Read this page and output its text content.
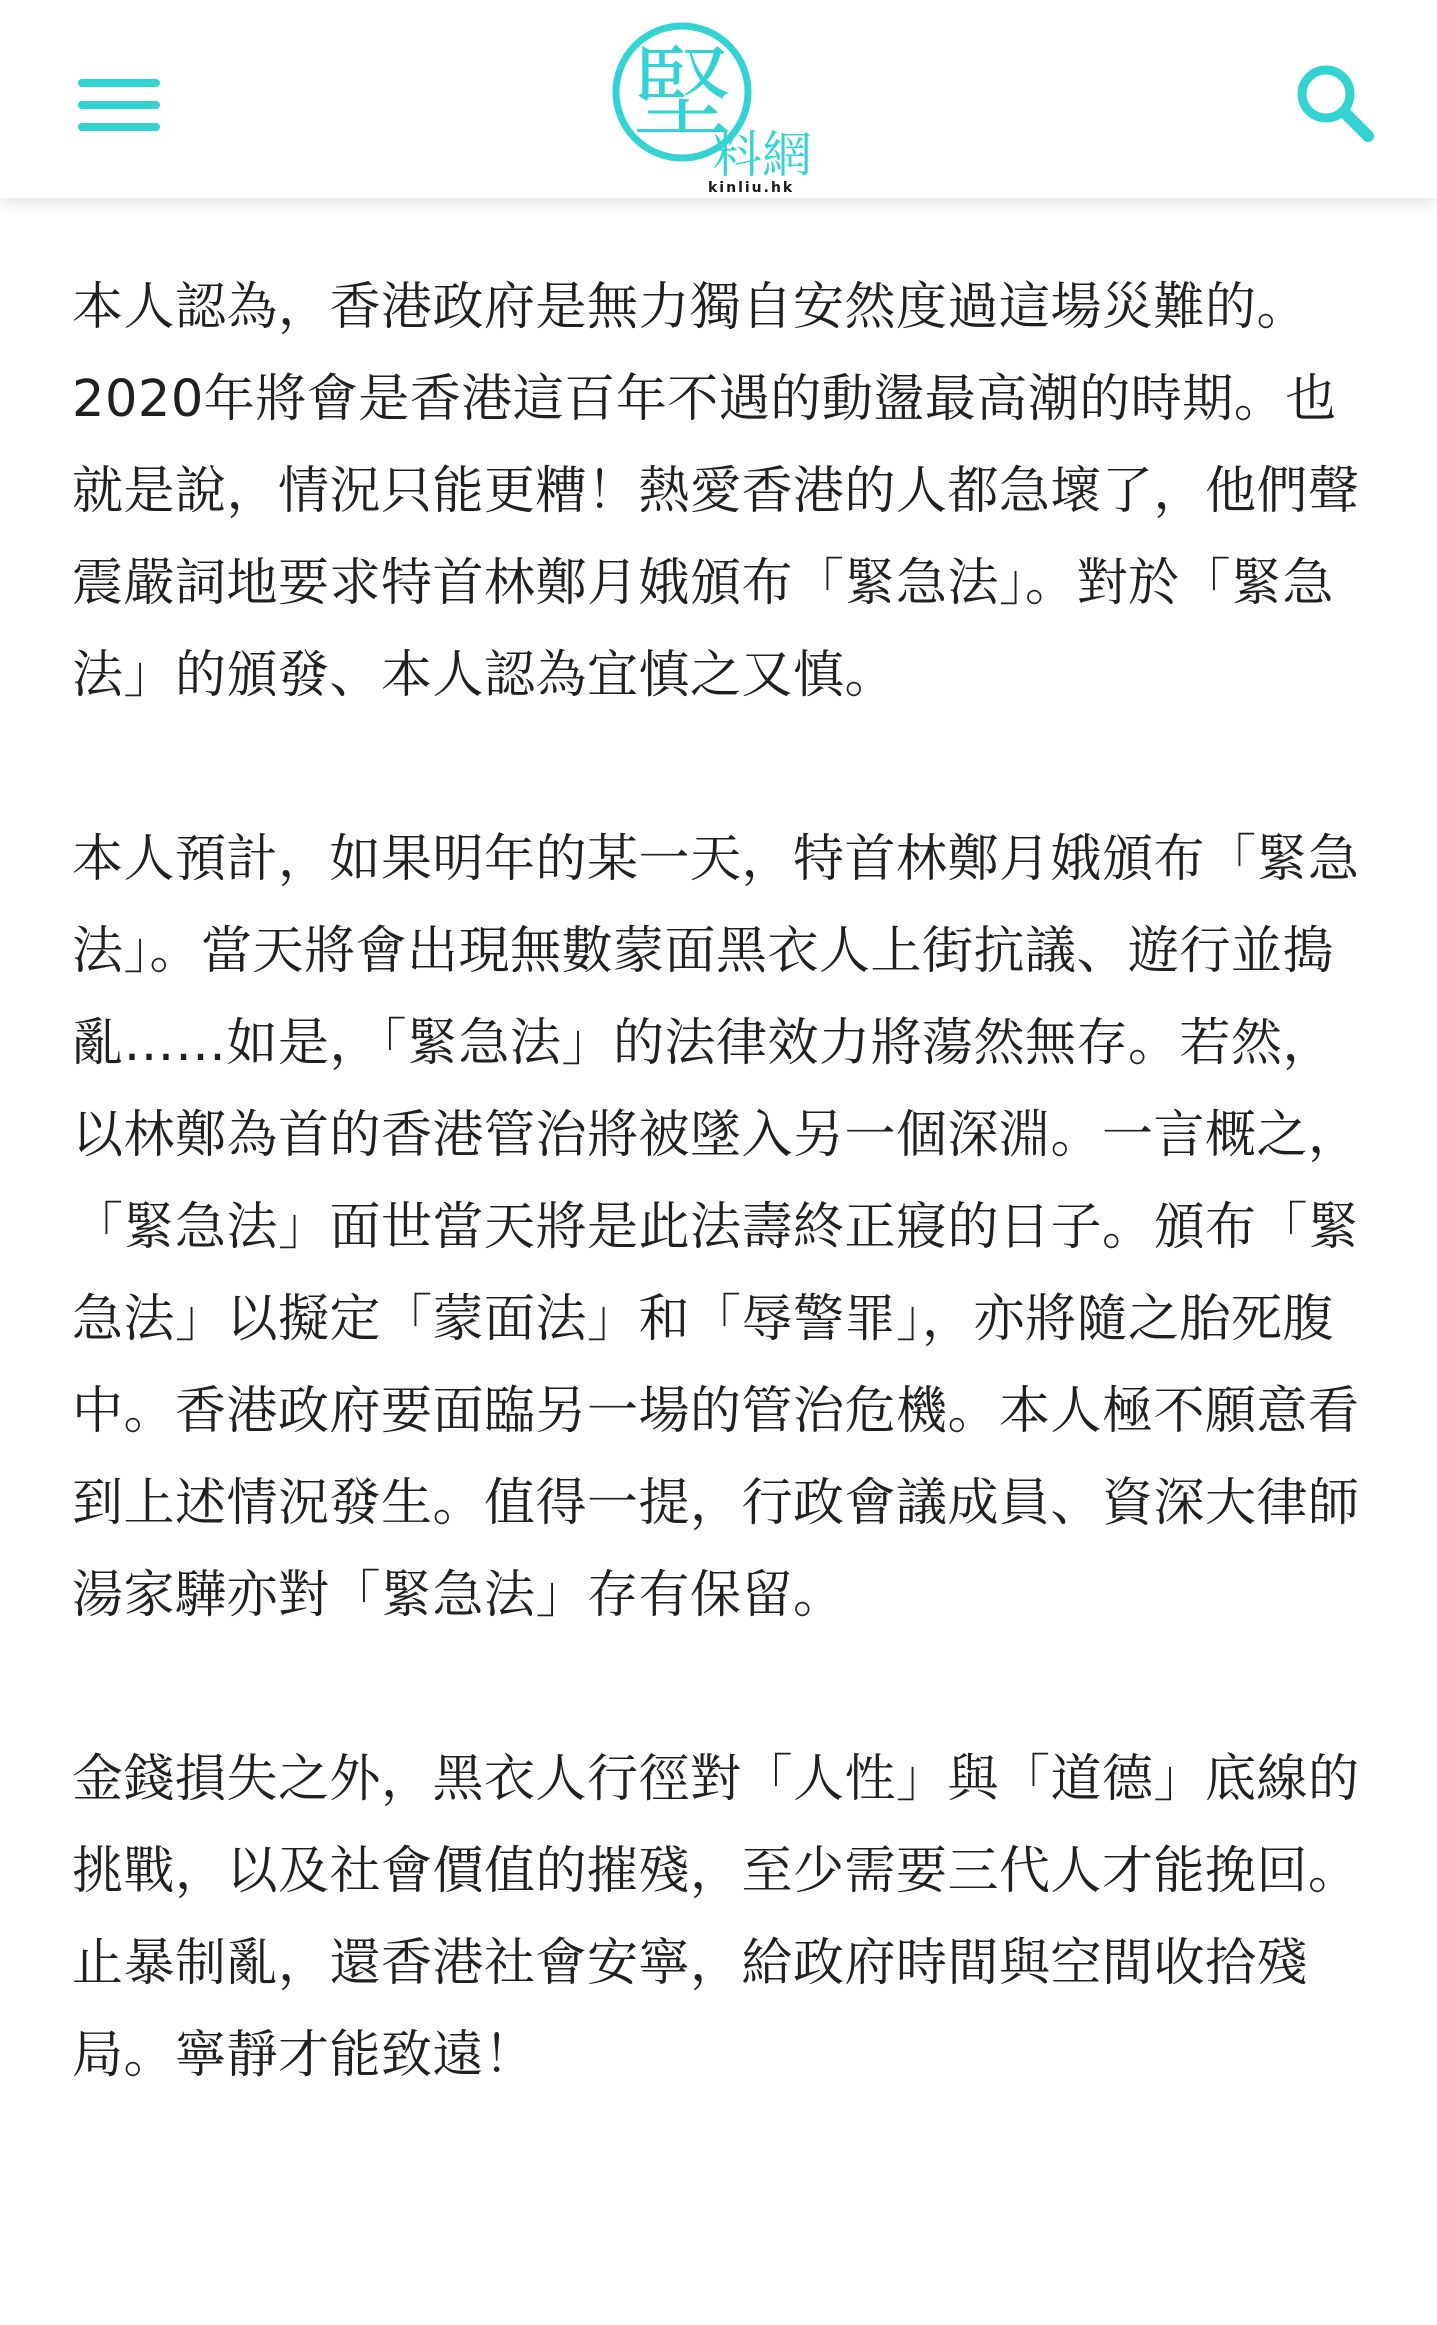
堅
料網
kinliu.hk

本人認為，香港政府是無力獨自安然度過這場災難的。2020年將會是香港這百年不遇的動盪最高潮的時期。也就是說，情況只能更糟！熱愛香港的人都急壞了，他們聲震嚴詞地要求特首林鄭月娥頒布「緊急法」。對於「緊急法」的頒發、本人認為宜慎之又慎。

本人預計，如果明年的某一天，特首林鄭月娥頒布「緊急法」。當天將會出現無數蒙面黑衣人上街抗議、遊行並搗亂……如是，「緊急法」的法律效力將蕩然無存。若然，以林鄭為首的香港管治將被墜入另一個深淵。一言概之，「緊急法」面世當天將是此法壽終正寢的日子。頒布「緊急法」以擬定「蒙面法」和「辱警罪」，亦將隨之胎死腹中。香港政府要面臨另一場的管治危機。本人極不願意看到上述情況發生。值得一提，行政會議成員、資深大律師湯家驊亦對「緊急法」存有保留。

金錢損失之外，黑衣人行徑對「人性」與「道德」底線的挑戰，以及社會價值的摧殘，至少需要三代人才能挽回。止暴制亂，還香港社會安寧，給政府時間與空間收拾殘局。寧靜才能致遠！
